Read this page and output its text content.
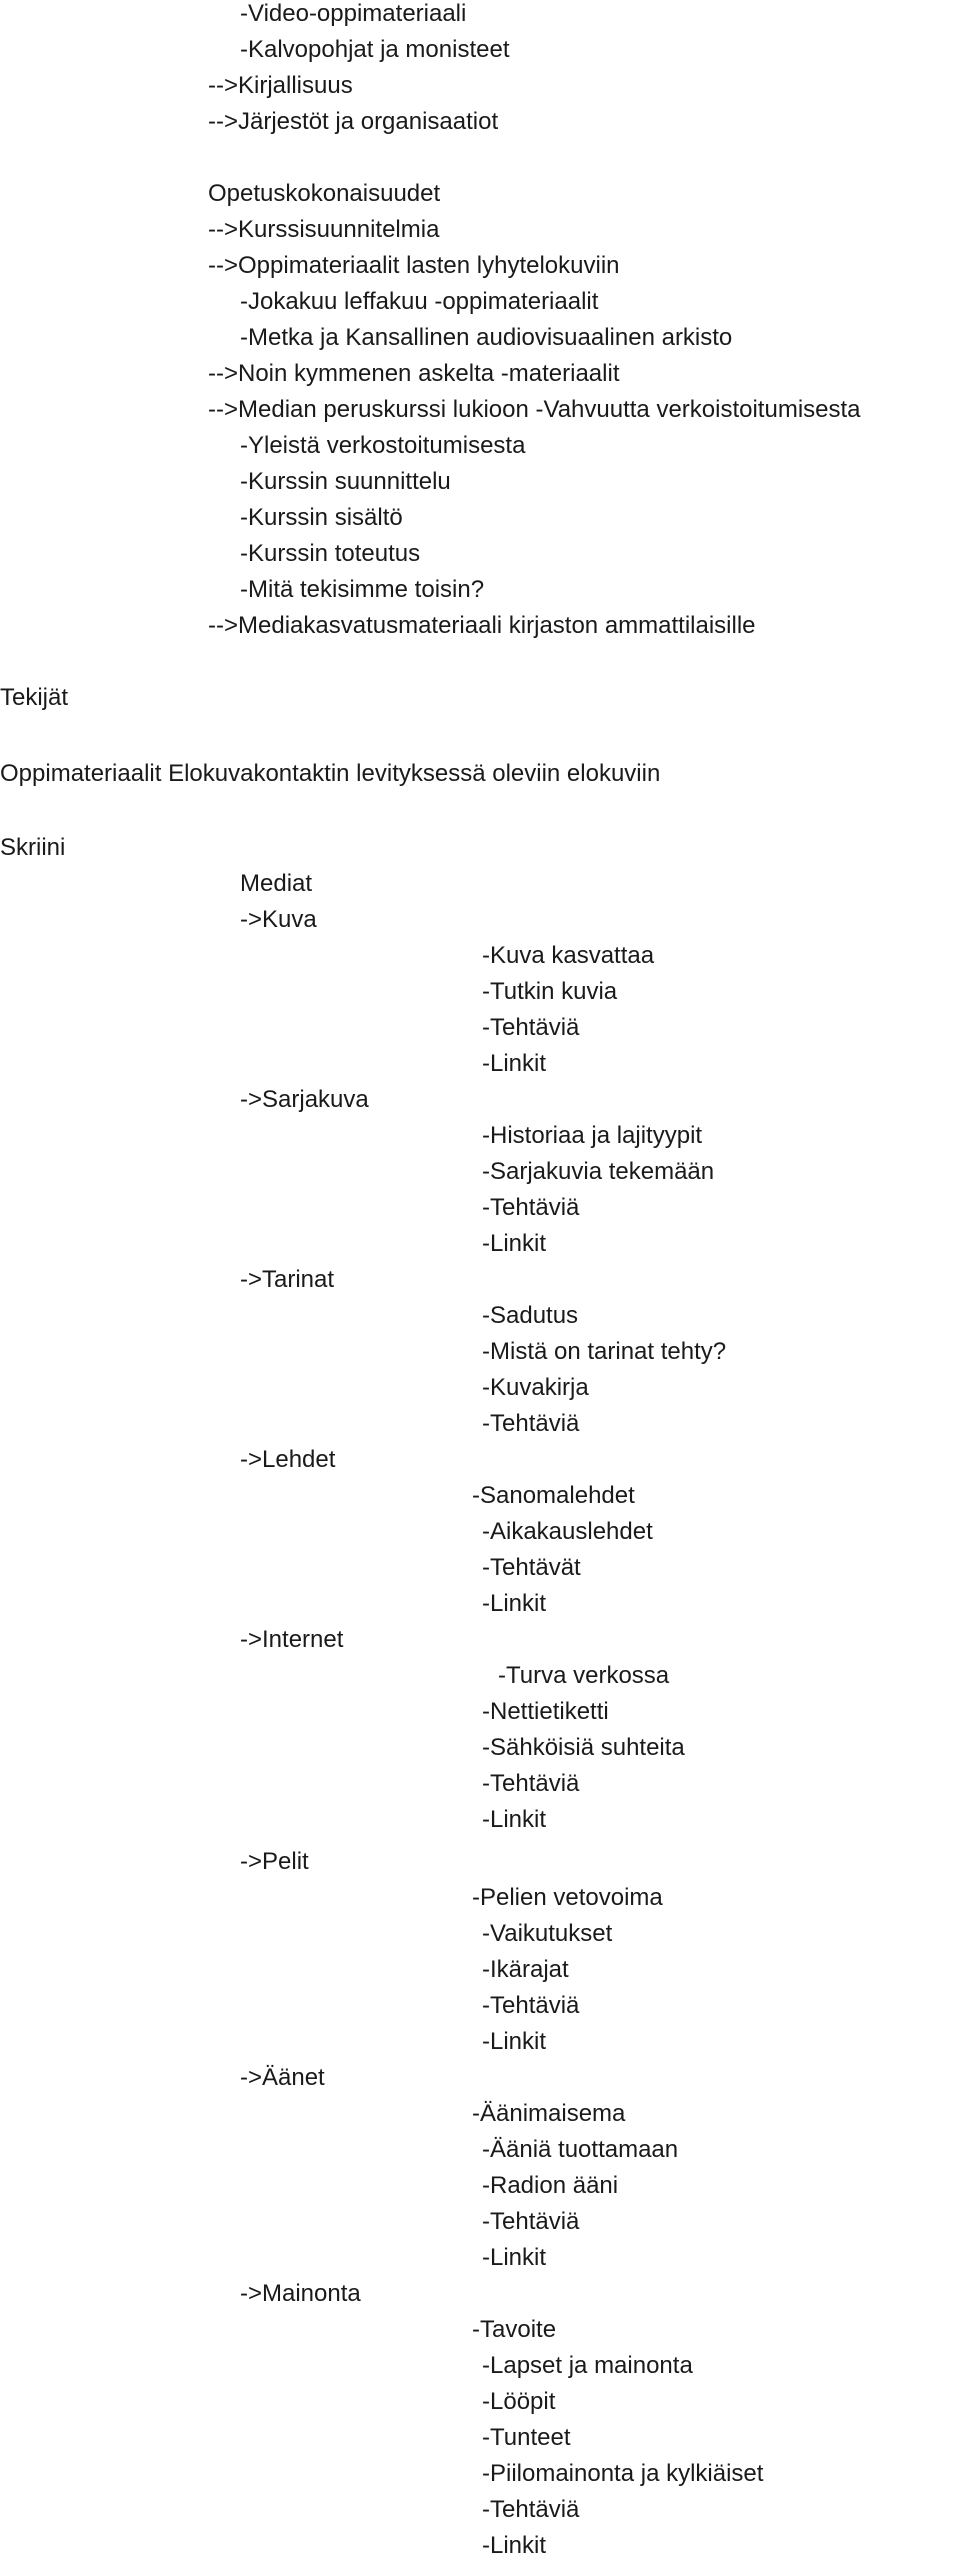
-Video-oppimateriaali
-Kalvopohjat ja monisteet
-->Kirjallisuus
-->Järjestöt ja organisaatiot
Opetuskokonaisuudet
-->Kurssisuunnitelmia
-->Oppimateriaalit lasten lyhytelokuviin
-Jokakuu leffakuu -oppimateriaalit
-Metka ja Kansallinen audiovisuaalinen arkisto
-->Noin kymmenen askelta -materiaalit
-->Median peruskurssi lukioon -Vahvuutta verkoistoitumisesta
-Yleistä verkostoitumisesta
-Kurssin suunnittelu
-Kurssin sisältö
-Kurssin toteutus
-Mitä tekisimme toisin?
-->Mediakasvatusmateriaali kirjaston ammattilaisille
Tekijät
Oppimateriaalit Elokuvakontaktin levityksessä oleviin elokuviin
Skriini
Mediat
->Kuva
-Kuva kasvattaa
-Tutkin kuvia
-Tehtäviä
-Linkit
->Sarjakuva
-Historiaa ja lajityypit
-Sarjakuvia tekemään
-Tehtäviä
-Linkit
->Tarinat
-Sadutus
-Mistä on tarinat tehty?
-Kuvakirja
-Tehtäviä
->Lehdet
-Sanomalehdet
-Aikakauslehdet
-Tehtävät
-Linkit
->Internet
-Turva verkossa
-Nettietiketti
-Sähköisiä suhteita
-Tehtäviä
-Linkit
->Pelit
-Pelien vetovoima
-Vaikutukset
-Ikärajat
-Tehtäviä
-Linkit
->Äänet
-Äänimaisema
-Ääniä tuottamaan
-Radion ääni
-Tehtäviä
-Linkit
->Mainonta
-Tavoite
-Lapset ja mainonta
-Lööpit
-Tunteet
-Piilomainonta ja kylkiäiset
-Tehtäviä
-Linkit
